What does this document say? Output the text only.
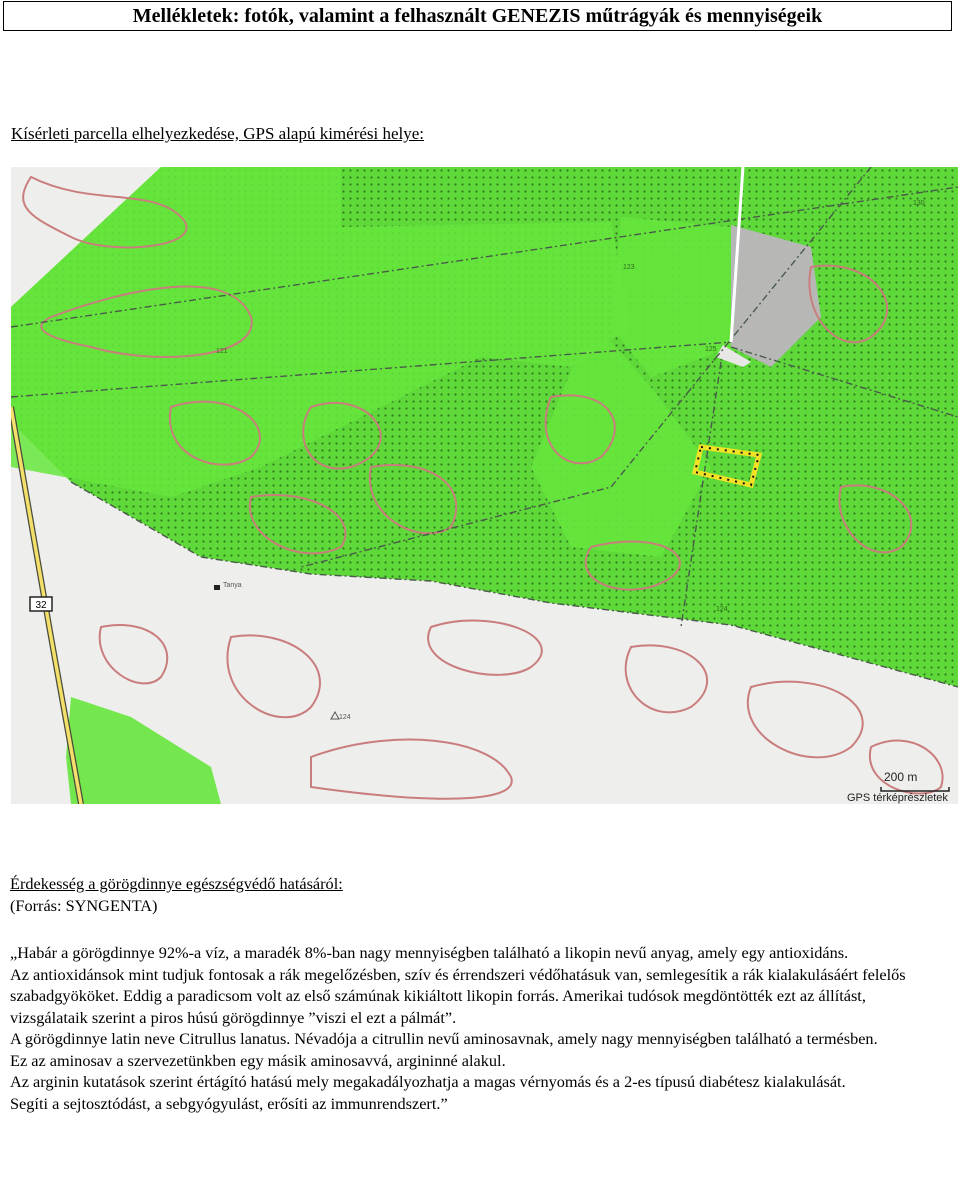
Mellékletek: fotók, valamint a felhasznált GENEZIS műtrágyák és mennyiségeik
Kísérleti parcella elhelyezkedése, GPS alapú kimérési helye:
32
Tanya
124
123
121	125
124
130
200 m
GPS térképrészletek

Érdekesség a görögdinnye egészségvédő hatásáról:

(Forrás: SYNGENTA)

„Habár a görögdinnye 92%-a víz, a maradék 8%-ban nagy mennyiségben található a likopin nevű anyag, amely egy antioxidáns.

Az antioxidánsok mint tudjuk fontosak a rák megelőzésben, szív és érrendszeri védőhatásuk van, semlegesítik a rák kialakulásáért felelős szabadgyököket. Eddig a paradicsom volt az első számúnak kikiáltott likopin forrás. Amerikai tudósok megdöntötték ezt az állítást, vizsgálataik szerint a piros húsú görögdinnye ”viszi el ezt a pálmát”.

A görögdinnye latin neve Citrullus lanatus. Névadója a citrullin nevű aminosavnak, amely nagy mennyiségben található a termésben.

Ez az aminosav a szervezetünkben egy másik aminosavvá, argininné alakul.

Az arginin kutatások szerint értágító hatású mely megakadályozhatja a magas vérnyomás és a 2-es típusú diabétesz kialakulását.

Segíti a sejtosztódást, a sebgyógyulást, erősíti az immunrendszert.”
